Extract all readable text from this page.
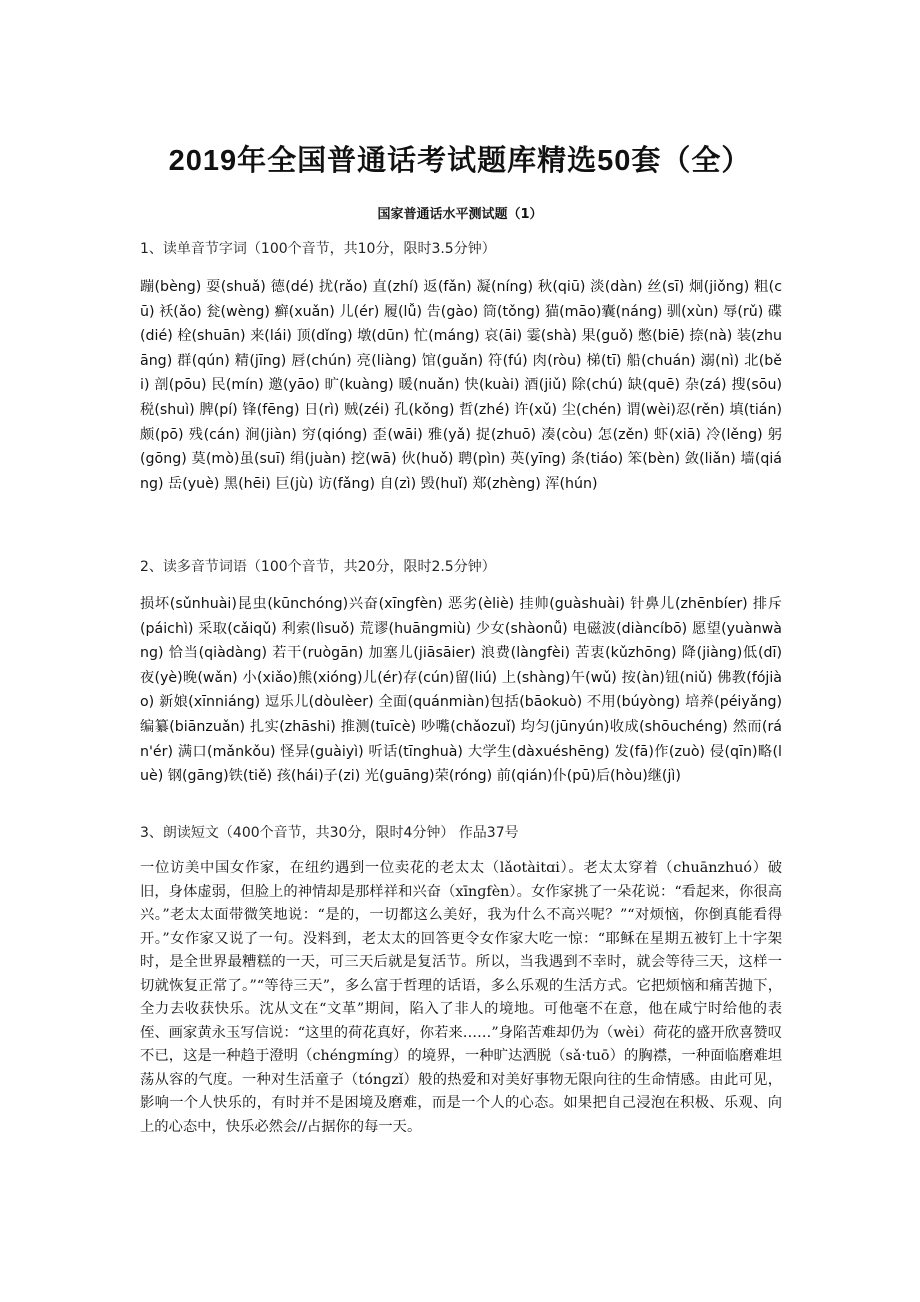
2019年全国普通话考试题库精选50套（全）
国家普通话水平测试题（1）
1、读单音节字词（100个音节，共10分，限时3.5分钟）
蹦(bèng) 耍(shuǎ) 德(dé) 扰(rǎo) 直(zhí) 返(fǎn) 凝(níng) 秋(qiū) 淡(dàn) 丝(sī) 炯(jiǒng) 粗(cū) 袄(ǎo) 瓮(wèng) 癣(xuǎn) 儿(ér) 履(lǚ) 告(gào) 筒(tǒng) 猫(māo)囊(náng) 驯(xùn) 辱(rǔ) 碟(dié) 栓(shuān) 来(lái) 顶(dǐng) 墩(dūn) 忙(máng) 哀(āi) 霎(shà) 果(guǒ) 憋(biē) 捺(nà) 装(zhuāng) 群(qún) 精(jīng) 唇(chún) 亮(liàng) 馆(guǎn) 符(fú) 肉(ròu) 梯(tī) 船(chuán) 溺(nì) 北(běi) 剖(pōu) 民(mín) 邀(yāo) 旷(kuàng) 暖(nuǎn) 快(kuài) 酒(jiǔ) 除(chú) 缺(quē) 杂(zá) 搜(sōu) 税(shuì) 脾(pí) 锋(fēng) 日(rì) 贼(zéi) 孔(kǒng) 哲(zhé) 许(xǔ) 尘(chén) 谓(wèi)忍(rěn) 填(tián) 颇(pō) 残(cán) 涧(jiàn) 穷(qióng) 歪(wāi) 雅(yǎ) 捉(zhuō) 凑(còu) 怎(zěn) 虾(xiā) 冷(lěng) 躬(gōng) 莫(mò)虽(suī) 绢(juàn) 挖(wā) 伙(huǒ) 聘(pìn) 英(yīng) 条(tiáo) 笨(bèn) 敛(liǎn) 墙(qiáng) 岳(yuè) 黑(hēi) 巨(jù) 访(fǎng) 自(zì) 毁(huǐ) 郑(zhèng) 浑(hún)
2、读多音节词语（100个音节，共20分，限时2.5分钟）
损坏(sǔnhuài)昆虫(kūnchóng)兴奋(xīngfèn) 恶劣(èliè) 挂帅(guàshuài) 针鼻儿(zhēnbíer) 排斥(páichì) 采取(cǎiqǔ) 利索(lìsuǒ) 荒谬(huāngmiù) 少女(shàonǚ) 电磁波(diàncíbō) 愿望(yuànwàng) 恰当(qiàdàng) 若干(ruògān) 加塞儿(jiāsāier) 浪费(làngfèi) 苦衷(kǔzhōng) 降(jiàng)低(dī) 夜(yè)晚(wǎn) 小(xiǎo)熊(xióng)儿(ér)存(cún)留(liú) 上(shàng)午(wǔ) 按(àn)钮(niǔ) 佛教(fójiào) 新娘(xīnniáng) 逗乐儿(dòulèer) 全面(quánmiàn)包括(bāokuò) 不用(búyòng) 培养(péiyǎng) 编纂(biānzuǎn) 扎实(zhāshi) 推测(tuīcè) 吵嘴(chǎozuǐ) 均匀(jūnyún)收成(shōuchéng) 然而(rán'ér) 满口(mǎnkǒu) 怪异(guàiyì) 听话(tīnghuà) 大学生(dàxuéshēng) 发(fā)作(zuò) 侵(qīn)略(luè) 钢(gāng)铁(tiě) 孩(hái)子(zi) 光(guāng)荣(róng) 前(qián)仆(pū)后(hòu)继(jì)
3、朗读短文（400个音节，共30分，限时4分钟） 作品37号
一位访美中国女作家，在纽约遇到一位卖花的老太太（lǎotàitɑi）。老太太穿着（chuānzhuó）破旧，身体虚弱，但脸上的神情却是那样祥和兴奋（xīnɡfèn）。女作家挑了一朵花说：“看起来，你很高兴。”老太太面带微笑地说：“是的，一切都这么美好，我为什么不高兴呢？”“对烦恼，你倒真能看得开。”女作家又说了一句。没料到，老太太的回答更令女作家大吃一惊：“耶稣在星期五被钉上十字架时，是全世界最糟糕的一天，可三天后就是复活节。所以，当我遇到不幸时，就会等待三天，这样一切就恢复正常了。”“等待三天”，多么富于哲理的话语，多么乐观的生活方式。它把烦恼和痛苦抛下，全力去收获快乐。沈从文在“文革”期间，陷入了非人的境地。可他毫不在意，他在咸宁时给他的表侄、画家黄永玉写信说：“这里的荷花真好，你若来……”身陷苦难却仍为（wèi）荷花的盛开欣喜赞叹不已，这是一种趋于澄明（chénɡmínɡ）的境界，一种旷达洒脱（sǎ·tuō）的胸襟，一种面临磨难坦荡从容的气度。一种对生活童子（tónɡzǐ）般的热爱和对美好事物无限向往的生命情感。由此可见，影响一个人快乐的，有时并不是困境及磨难，而是一个人的心态。如果把自己浸泡在积极、乐观、向上的心态中，快乐必然会//占据你的每一天。
